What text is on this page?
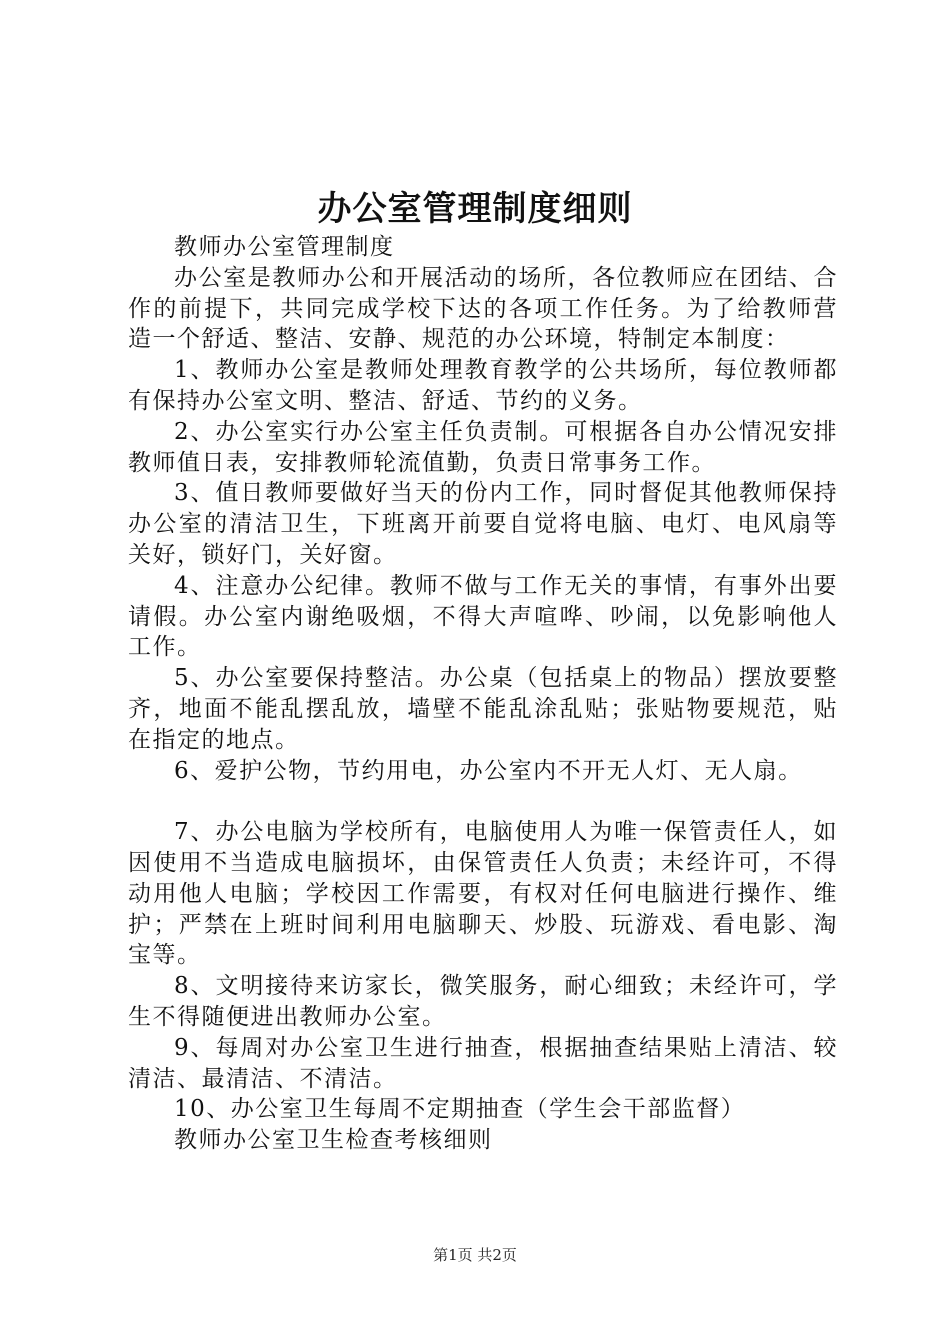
办公室管理制度细则

教师办公室管理制度

办公室是教师办公和开展活动的场所，各位教师应在团结、合作的前提下，共同完成学校下达的各项工作任务。为了给教师营造一个舒适、整洁、安静、规范的办公环境，特制定本制度：

1、教师办公室是教师处理教育教学的公共场所，每位教师都有保持办公室文明、整洁、舒适、节约的义务。

2、办公室实行办公室主任负责制。可根据各自办公情况安排教师值日表，安排教师轮流值勤，负责日常事务工作。

3、值日教师要做好当天的份内工作，同时督促其他教师保持办公室的清洁卫生，下班离开前要自觉将电脑、电灯、电风扇等关好，锁好门，关好窗。

4、注意办公纪律。教师不做与工作无关的事情，有事外出要请假。办公室内谢绝吸烟，不得大声喧哗、吵闹，以免影响他人工作。

5、办公室要保持整洁。办公桌（包括桌上的物品）摆放要整齐，地面不能乱摆乱放，墙壁不能乱涂乱贴；张贴物要规范，贴在指定的地点。

6、爱护公物，节约用电，办公室内不开无人灯、无人扇。

7、办公电脑为学校所有，电脑使用人为唯一保管责任人，如因使用不当造成电脑损坏，由保管责任人负责；未经许可，不得动用他人电脑；学校因工作需要，有权对任何电脑进行操作、维护；严禁在上班时间利用电脑聊天、炒股、玩游戏、看电影、淘宝等。

8、文明接待来访家长，微笑服务，耐心细致；未经许可，学生不得随便进出教师办公室。

9、每周对办公室卫生进行抽查，根据抽查结果贴上清洁、较清洁、最清洁、不清洁。

10、办公室卫生每周不定期抽查（学生会干部监督）

教师办公室卫生检查考核细则

第1页 共2页
